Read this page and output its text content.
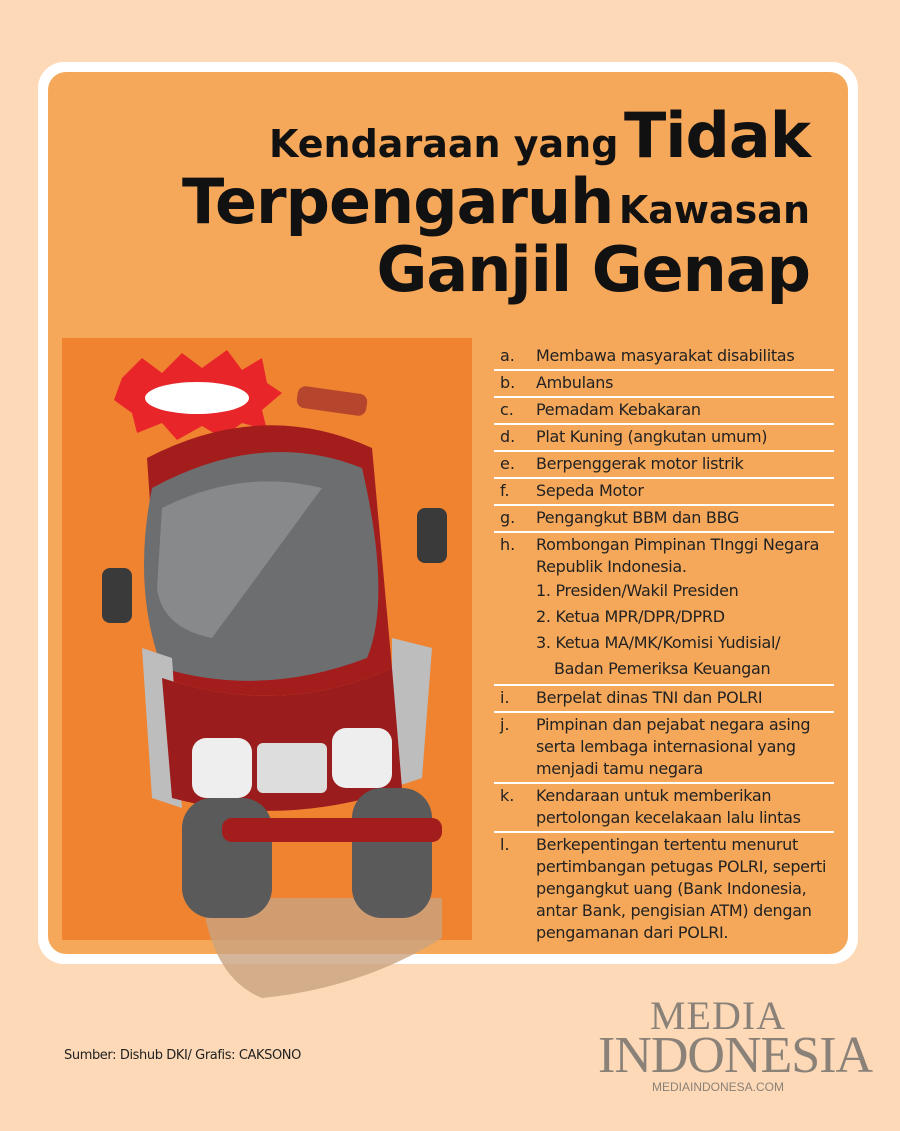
Kendaraan yang Tidak
Terpengaruh Kawasan
Ganjil Genap
a.	Membawa masyarakat disabilitas
b.	Ambulans
c.	Pemadam Kebakaran
d.	Plat Kuning (angkutan umum)
e.	Berpenggerak motor listrik
f.	Sepeda Motor
g.	Pengangkut BBM dan BBG
h.	Rombongan Pimpinan TInggi Negara Republik Indonesia.
1. Presiden/Wakil Presiden
2. Ketua MPR/DPR/DPRD
3. Ketua MA/MK/Komisi Yudisial/
Badan Pemeriksa Keuangan
i.	Berpelat dinas TNI dan POLRI
j.	Pimpinan dan pejabat negara asing serta lembaga internasional yang menjadi tamu negara
k.	Kendaraan untuk memberikan pertolongan kecelakaan lalu lintas
l.	Berkepentingan tertentu menurut pertimbangan petugas POLRI, seperti pengangkut uang (Bank Indonesia, antar Bank, pengisian ATM) dengan pengamanan dari POLRI.
Sumber: Dishub DKI/ Grafis: CAKSONO
MEDIA
INDONESIA
MEDIAINDONESA.COM
